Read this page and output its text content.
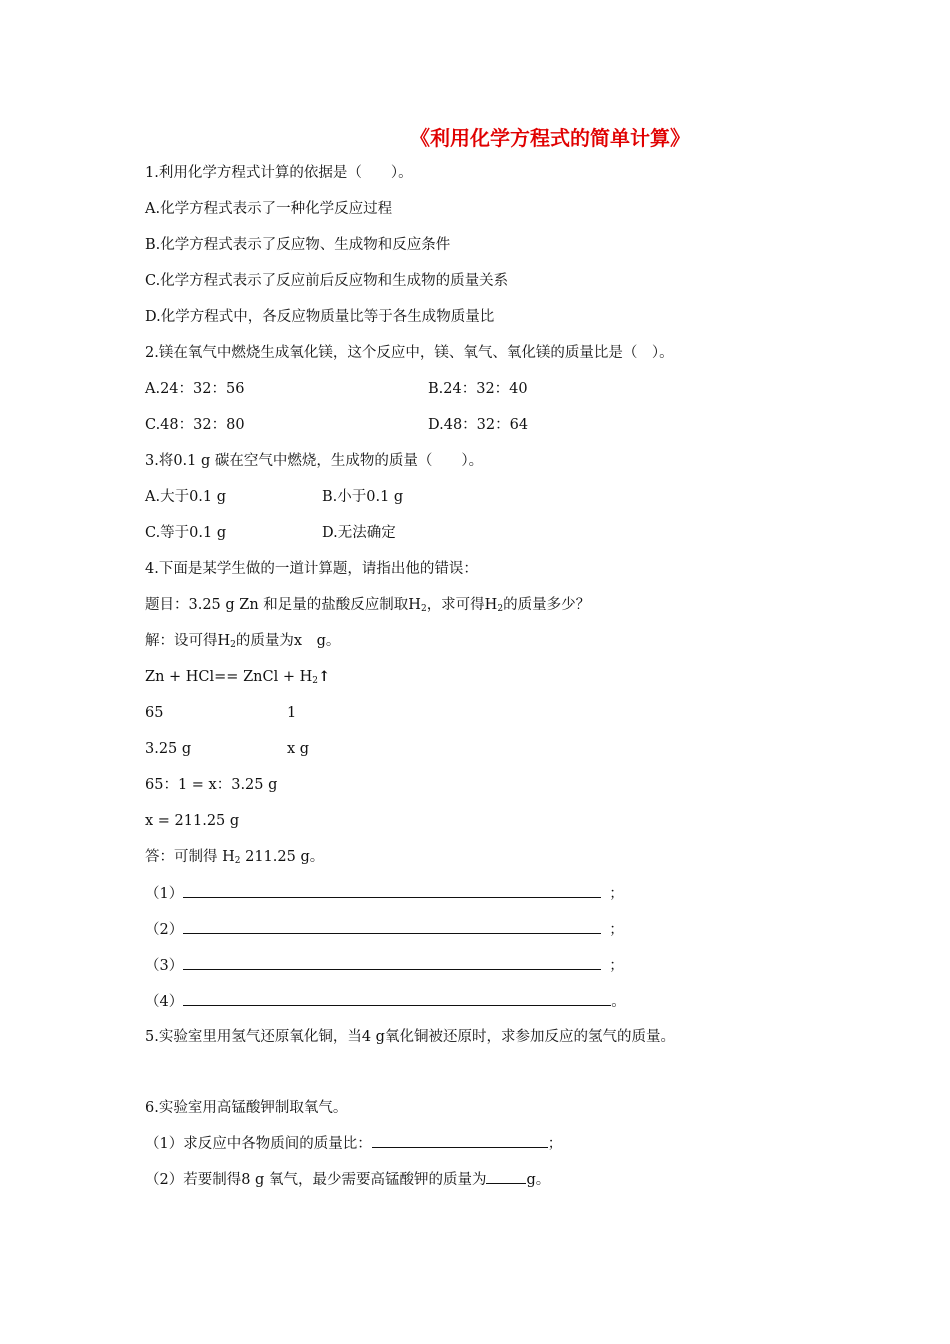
《利用化学方程式的简单计算》
1.利用化学方程式计算的依据是（　　）。
A.化学方程式表示了一种化学反应过程
B.化学方程式表示了反应物、生成物和反应条件
C.化学方程式表示了反应前后反应物和生成物的质量关系
D.化学方程式中，各反应物质量比等于各生成物质量比
2.镁在氧气中燃烧生成氧化镁，这个反应中，镁、氧气、氧化镁的质量比是（　）。
A.24：32：56	B.24：32：40
C.48：32：80	D.48：32：64
3.将0.1 g 碳在空气中燃烧，生成物的质量（　　）。
A.大于0.1 g	B.小于0.1 g
C.等于0.1 g	D.无法确定
4.下面是某学生做的一道计算题，请指出他的错误：
题目：3.25 g Zn 和足量的盐酸反应制取$H_2$，求可得$H_2$的质量多少？
解：设可得$H_2$的质量为x　g。
Zn + HCl== ZnCl + $H_2↑$
65	1
3.25 g	x g
65：1 = x：3.25 g
x = 211.25 g
答：可制得 $H_2$ 211.25 g。
（1）	；
（2）	；
（3）	；
（4）	。
5.实验室里用氢气还原氧化铜，当4 g氧化铜被还原时，求参加反应的氢气的质量。
6.实验室用高锰酸钾制取氧气。
（1）求反应中各物质间的质量比：	；
（2）若要制得8 g 氧气，最少需要高锰酸钾的质量为	g。
